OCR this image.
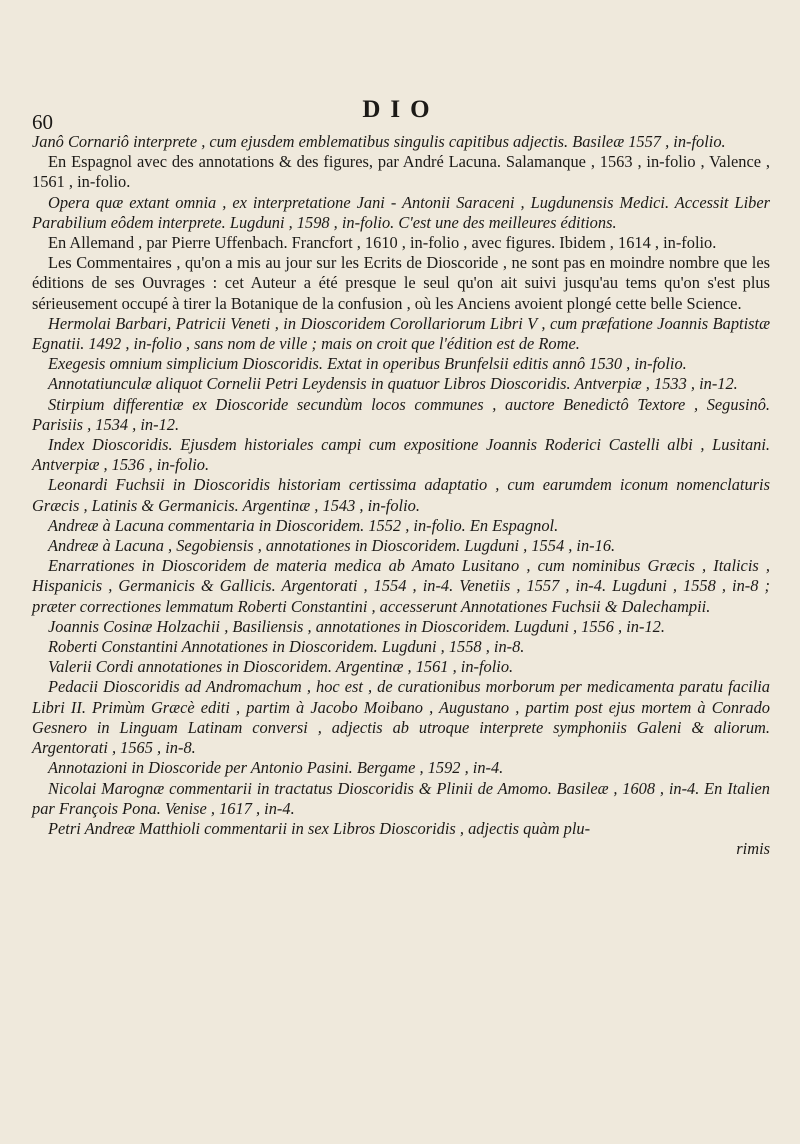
60	DIO

Janô Cornariô interprete , cum ejusdem emblematibus singulis capitibus adjectis. Basileæ 1557 , in-folio.

En Espagnol avec des annotations & des figures, par André Lacuna. Salamanque , 1563 , in-folio , Valence , 1561 , in-folio.

Opera quæ extant omnia , ex interpretatione Jani - Antonii Saraceni , Lugdunensis Medici. Accessit Liber Parabilium eôdem interprete. Lugduni , 1598 , in-folio. C'est une des meilleures éditions.

En Allemand , par Pierre Uffenbach. Francfort , 1610 , in-folio , avec figures. Ibidem , 1614 , in-folio.

Les Commentaires , qu'on a mis au jour sur les Ecrits de Dioscoride , ne sont pas en moindre nombre que les éditions de ses Ouvrages : cet Auteur a été presque le seul qu'on ait suivi jusqu'au tems qu'on s'est plus sérieusement occupé à tirer la Botanique de la confusion , où les Anciens avoient plongé cette belle Science.

Hermolai Barbari, Patricii Veneti , in Dioscoridem Corollariorum Libri V , cum præfatione Joannis Baptistæ Egnatii. 1492 , in-folio , sans nom de ville ; mais on croit que l'édition est de Rome.

Exegesis omnium simplicium Dioscoridis. Extat in operibus Brunfelsii editis annô 1530 , in-folio.

Annotatiunculæ aliquot Cornelii Petri Leydensis in quatuor Libros Dioscoridis. Antverpiæ , 1533 , in-12.

Stirpium differentiæ ex Dioscoride secundùm locos communes , auctore Benedictô Textore , Segusinô. Parisiis , 1534 , in-12.

Index Dioscoridis. Ejusdem historiales campi cum expositione Joannis Roderici Castelli albi , Lusitani. Antverpiæ , 1536 , in-folio.

Leonardi Fuchsii in Dioscoridis historiam certissima adaptatio , cum earumdem iconum nomenclaturis Græcis , Latinis & Germanicis. Argentinæ , 1543 , in-folio.

Andreæ à Lacuna commentaria in Dioscoridem. 1552 , in-folio. En Espagnol.

Andreæ à Lacuna , Segobiensis , annotationes in Dioscoridem. Lugduni , 1554 , in-16.

Enarrationes in Dioscoridem de materia medica ab Amato Lusitano , cum nominibus Græcis , Italicis , Hispanicis , Germanicis & Gallicis. Argentorati , 1554 , in-4. Venetiis , 1557 , in-4. Lugduni , 1558 , in-8 ; præter correctiones lemmatum Roberti Constantini , accesserunt Annotationes Fuchsii & Dalechampii.

Joannis Cosinæ Holzachii , Basiliensis , annotationes in Dioscoridem. Lugduni , 1556 , in-12.

Roberti Constantini Annotationes in Dioscoridem. Lugduni , 1558 , in-8.

Valerii Cordi annotationes in Dioscoridem. Argentinæ , 1561 , in-folio.

Pedacii Dioscoridis ad Andromachum , hoc est , de curationibus morborum per medicamenta paratu facilia Libri II. Primùm Græcè editi , partim à Jacobo Moibano , Augustano , partim post ejus mortem à Conrado Gesnero in Linguam Latinam conversi , adjectis ab utroque interprete symphoniis Galeni & aliorum. Argentorati , 1565 , in-8.

Annotazioni in Dioscoride per Antonio Pasini. Bergame , 1592 , in-4.

Nicolai Marognæ commentarii in tractatus Dioscoridis & Plinii de Amomo. Basileæ , 1608 , in-4. En Italien par François Pona. Venise , 1617 , in-4.

Petri Andreæ Matthioli commentarii in sex Libros Dioscoridis , adjectis quàm plu-

rimis
